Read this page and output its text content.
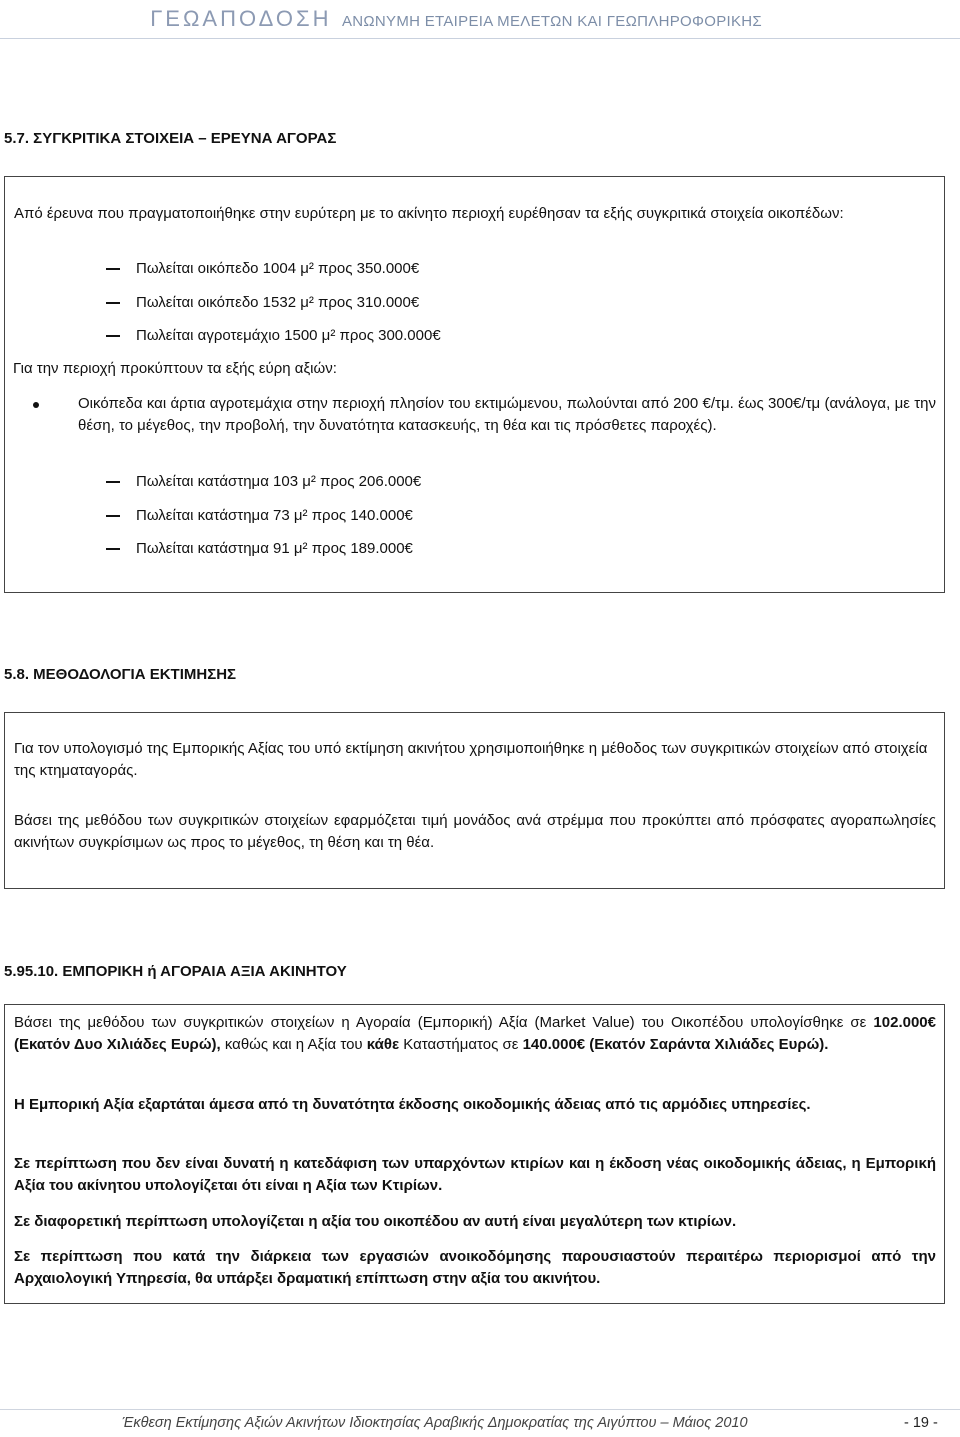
ΓΕΩΑΠΟΔΟΣΗ ΑΝΩΝΥΜΗ ΕΤΑΙΡΕΙΑ ΜΕΛΕΤΩΝ ΚΑΙ ΓΕΩΠΛΗΡΟΦΟΡΙΚΗΣ
5.7. ΣΥΓΚΡΙΤΙΚΑ ΣΤΟΙΧΕΙΑ – ΕΡΕΥΝΑ ΑΓΟΡΑΣ
Από έρευνα που πραγματοποιήθηκε στην ευρύτερη με το ακίνητο περιοχή ευρέθησαν τα εξής συγκριτικά στοιχεία οικοπέδων:
Πωλείται οικόπεδο 1004 μ² προς 350.000€
Πωλείται οικόπεδο 1532 μ² προς 310.000€
Πωλείται αγροτεμάχιο 1500 μ² προς 300.000€
Για την περιοχή προκύπτουν τα εξής εύρη αξιών:
Οικόπεδα και άρτια αγροτεμάχια στην περιοχή πλησίον του εκτιμώμενου, πωλούνται από 200 €/τμ. έως 300€/τμ (ανάλογα, με την θέση, το μέγεθος, την προβολή, την δυνατότητα κατασκευής, τη θέα και τις πρόσθετες παροχές).
Πωλείται κατάστημα 103 μ² προς 206.000€
Πωλείται κατάστημα 73 μ² προς 140.000€
Πωλείται κατάστημα 91 μ² προς 189.000€
5.8. ΜΕΘΟΔΟΛΟΓΙΑ ΕΚΤΙΜΗΣΗΣ
Για τον υπολογισμό της Εμπορικής Αξίας του υπό εκτίμηση ακινήτου χρησιμοποιήθηκε η μέθοδος των συγκριτικών στοιχείων από στοιχεία της κτηματαγοράς.
Βάσει της μεθόδου των συγκριτικών στοιχείων εφαρμόζεται τιμή μονάδος ανά στρέμμα που προκύπτει από πρόσφατες αγοραπωλησίες ακινήτων συγκρίσιμων ως προς το μέγεθος, τη θέση και τη θέα.
5.95.10. ΕΜΠΟΡΙΚΗ ή ΑΓΟΡΑΙΑ ΑΞΙΑ ΑΚΙΝΗΤΟΥ
Βάσει της μεθόδου των συγκριτικών στοιχείων η Αγοραία (Εμπορική) Αξία (Market Value) του Οικοπέδου υπολογίσθηκε σε 102.000€ (Εκατόν Δυο Χιλιάδες Ευρώ), καθώς και η Αξία του κάθε Καταστήματος σε 140.000€ (Εκατόν Σαράντα Χιλιάδες Ευρώ).
Η Εμπορική Αξία εξαρτάται άμεσα από τη δυνατότητα έκδοσης οικοδομικής άδειας από τις αρμόδιες υπηρεσίες.
Σε περίπτωση που δεν είναι δυνατή η κατεδάφιση των υπαρχόντων κτιρίων και η έκδοση νέας οικοδομικής άδειας, η Εμπορική Αξία του ακίνητου υπολογίζεται ότι είναι η Αξία των Κτιρίων.
Σε διαφορετική περίπτωση υπολογίζεται η αξία του οικοπέδου αν αυτή είναι μεγαλύτερη των κτιρίων.
Σε περίπτωση που κατά την διάρκεια των εργασιών ανοικοδόμησης παρουσιαστούν περαιτέρω περιορισμοί από την Αρχαιολογική Υπηρεσία, θα υπάρξει δραματική επίπτωση στην αξία του ακινήτου.
Έκθεση Εκτίμησης Αξιών Ακινήτων Ιδιοκτησίας Αραβικής Δημοκρατίας της Αιγύπτου – Μάιος 2010	- 19 -
